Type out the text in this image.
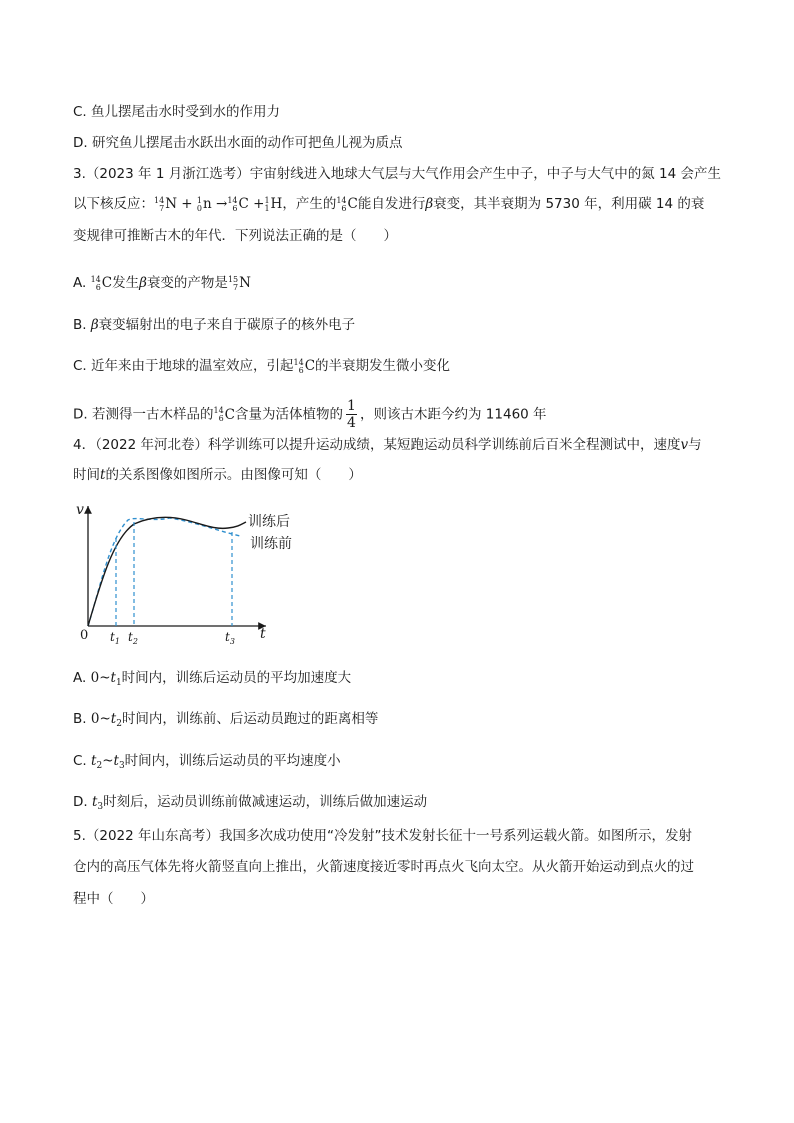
C. 鱼儿摆尾击水时受到水的作用力
D. 研究鱼儿摆尾击水跃出水面的动作可把鱼儿视为质点
3.（2023 年 1 月浙江选考）宇宙射线进入地球大气层与大气作用会产生中子，中子与大气中的氮 14 会产生
以下核反应： 14
7 N + 1
0 n → 14
6 C + 1
1 H，产生的 14
6 C能自发进行β衰变，其半衰期为 5730 年，利用碳 14 的衰
变规律可推断古木的年代．下列说法正确的是（　　）
A. 14
6 C发生β衰变的产物是 15
7 N
B. β衰变辐射出的电子来自于碳原子的核外电子
C. 近年来由于地球的温室效应，引起 14
6 C的半衰期发生微小变化
D. 若测得一古木样品的 14
6 C含量为活体植物的 $\frac{1}{4}$ ，则该古木距今约为 11460 年
4．（2022 年河北卷）科学训练可以提升运动成绩，某短跑运动员科学训练前后百米全程测试中，速度v与
时间t的关系图像如图所示。由图像可知（　　）
v
t
0 $t_1$ $t_2$	$t_3$
训练后
训练前
A. $0\sim t_1$时间内，训练后运动员的平均加速度大
B. $0\sim t_2$时间内，训练前、后运动员跑过的距离相等
C. $t_2\sim t_3$时间内，训练后运动员的平均速度小
D. $t_3$时刻后，运动员训练前做减速运动，训练后做加速运动
5.（2022 年山东高考）我国多次成功使用“冷发射”技术发射长征十一号系列运载火箭。如图所示，发射
仓内的高压气体先将火箭竖直向上推出，火箭速度接近零时再点火飞向太空。从火箭开始运动到点火的过
程中（　　）
